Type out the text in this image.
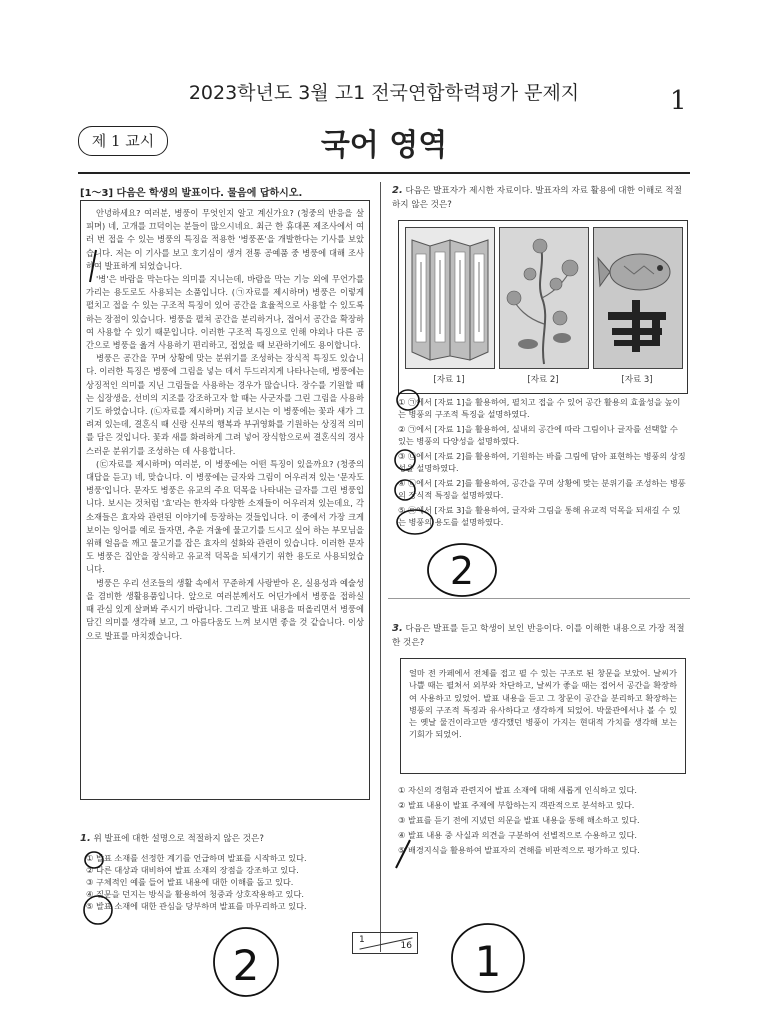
2023학년도 3월 고1 전국연합학력평가 문제지	1
제 1 교시	국어 영역
[1～3] 다음은 학생의 발표이다. 물음에 답하시오.

안녕하세요? 여러분, 병풍이 무엇인지 알고 계신가요? (청중의 반응을 살피며) 네, 고개를 끄덕이는 분들이 많으시네요. 최근 한 휴대폰 제조사에서 여러 번 접을 수 있는 병풍의 특징을 적용한 '병풍폰'을 개발한다는 기사를 보았습니다. 저는 이 기사를 보고 호기심이 생겨 전통 공예품 중 병풍에 대해 조사하여 발표하게 되었습니다.

'병'은 바람을 막는다는 의미를 지니는데, 바람을 막는 기능 외에 무언가를 가리는 용도로도 사용되는 소품입니다. (㉠자료를 제시하며) 병풍은 이렇게 펼치고 접을 수 있는 구조적 특징이 있어 공간을 효율적으로 사용할 수 있도록 하는 장점이 있습니다. 병풍을 펼쳐 공간을 분리하거나, 접어서 공간을 확장하여 사용할 수 있기 때문입니다. 이러한 구조적 특징으로 인해 야외나 다른 공간으로 병풍을 옮겨 사용하기 편리하고, 접었을 때 보관하기에도 용이합니다.

병풍은 공간을 꾸며 상황에 맞는 분위기를 조성하는 장식적 특징도 있습니다. 이러한 특징은 병풍에 그림을 넣는 데서 두드러지게 나타나는데, 병풍에는 상징적인 의미를 지닌 그림들을 사용하는 경우가 많습니다. 장수를 기원할 때는 십장생을, 선비의 지조를 강조하고자 할 때는 사군자를 그린 그림을 사용하기도 하였습니다. (㉡자료를 제시하며) 지금 보시는 이 병풍에는 꽃과 새가 그려져 있는데, 결혼식 때 신랑 신부의 행복과 부귀영화를 기원하는 상징적 의미를 담은 것입니다. 꽃과 새를 화려하게 그려 넣어 장식함으로써 결혼식의 경사스러운 분위기를 조성하는 데 사용합니다.

(㉢자료를 제시하며) 여러분, 이 병풍에는 어떤 특징이 있을까요? (청중의 대답을 듣고) 네, 맞습니다. 이 병풍에는 글자와 그림이 어우러져 있는 '문자도 병풍'입니다. 문자도 병풍은 유교의 주요 덕목을 나타내는 글자를 그린 병풍입니다. 보시는 것처럼 '효'라는 한자와 다양한 소재들이 어우러져 있는데요, 각 소재들은 효자와 관련된 이야기에 등장하는 것들입니다. 이 중에서 가장 크게 보이는 잉어를 예로 들자면, 추운 겨울에 물고기를 드시고 싶어 하는 부모님을 위해 얼음을 깨고 물고기를 잡은 효자의 설화와 관련이 있습니다. 이러한 문자도 병풍은 집안을 장식하고 유교적 덕목을 되새기기 위한 용도로 사용되었습니다.

병풍은 우리 선조들의 생활 속에서 꾸준하게 사랑받아 온, 실용성과 예술성을 겸비한 생활용품입니다. 앞으로 여러분께서도 어딘가에서 병풍을 접하실 때 관심 있게 살펴봐 주시기 바랍니다. 그리고 발표 내용을 떠올리면서 병풍에 담긴 의미를 생각해 보고, 그 아름다움도 느껴 보시면 좋을 것 같습니다. 이상으로 발표를 마치겠습니다.

1. 위 발표에 대한 설명으로 적절하지 않은 것은?
① 발표 소재를 선정한 계기를 언급하며 발표를 시작하고 있다.
② 다른 대상과 대비하여 발표 소재의 장점을 강조하고 있다.
③ 구체적인 예를 들어 발표 내용에 대한 이해를 돕고 있다.
④ 질문을 던지는 방식을 활용하여 청중과 상호작용하고 있다.
⑤ 발표 소재에 대한 관심을 당부하며 발표를 마무리하고 있다.
2. 다음은 발표자가 제시한 자료이다. 발표자의 자료 활용에 대한 이해로 적절하지 않은 것은?
[자료 1]	[자료 2]	[자료 3]
① ㉠에서 [자료 1]을 활용하여, 펼치고 접을 수 있어 공간 활용의 효율성을 높이는 병풍의 구조적 특징을 설명하였다.
② ㉠에서 [자료 1]을 활용하여, 실내의 공간에 따라 그림이나 글자를 선택할 수 있는 병풍의 다양성을 설명하였다.
③ ㉡에서 [자료 2]를 활용하여, 기원하는 바를 그림에 담아 표현하는 병풍의 상징성을 설명하였다.
④ ㉡에서 [자료 2]를 활용하여, 공간을 꾸며 상황에 맞는 분위기를 조성하는 병풍의 장식적 특징을 설명하였다.
⑤ ㉢에서 [자료 3]을 활용하여, 글자와 그림을 통해 유교적 덕목을 되새길 수 있는 병풍의 용도를 설명하였다.
3. 다음은 발표를 듣고 학생이 보인 반응이다. 이를 이해한 내용으로 가장 적절한 것은?
얼마 전 카페에서 전체를 접고 펼 수 있는 구조로 된 창문을 보았어. 날씨가 나쁠 때는 펼쳐서 외부와 차단하고, 날씨가 좋을 때는 접어서 공간을 확장하여 사용하고 있었어. 발표 내용을 듣고 그 창문이 공간을 분리하고 확장하는 병풍의 구조적 특징과 유사하다고 생각하게 되었어. 박물관에서나 볼 수 있는 옛날 물건이라고만 생각했던 병풍이 가지는 현대적 가치를 생각해 보는 기회가 되었어.
① 자신의 경험과 관련지어 발표 소재에 대해 새롭게 인식하고 있다.
② 발표 내용이 발표 주제에 부합하는지 객관적으로 분석하고 있다.
③ 발표를 듣기 전에 지녔던 의문을 발표 내용을 통해 해소하고 있다.
④ 발표 내용 중 사실과 의견을 구분하여 선별적으로 수용하고 있다.
⑤ 배경지식을 활용하여 발표자의 견해를 비판적으로 평가하고 있다.
1
16
2
2	1
